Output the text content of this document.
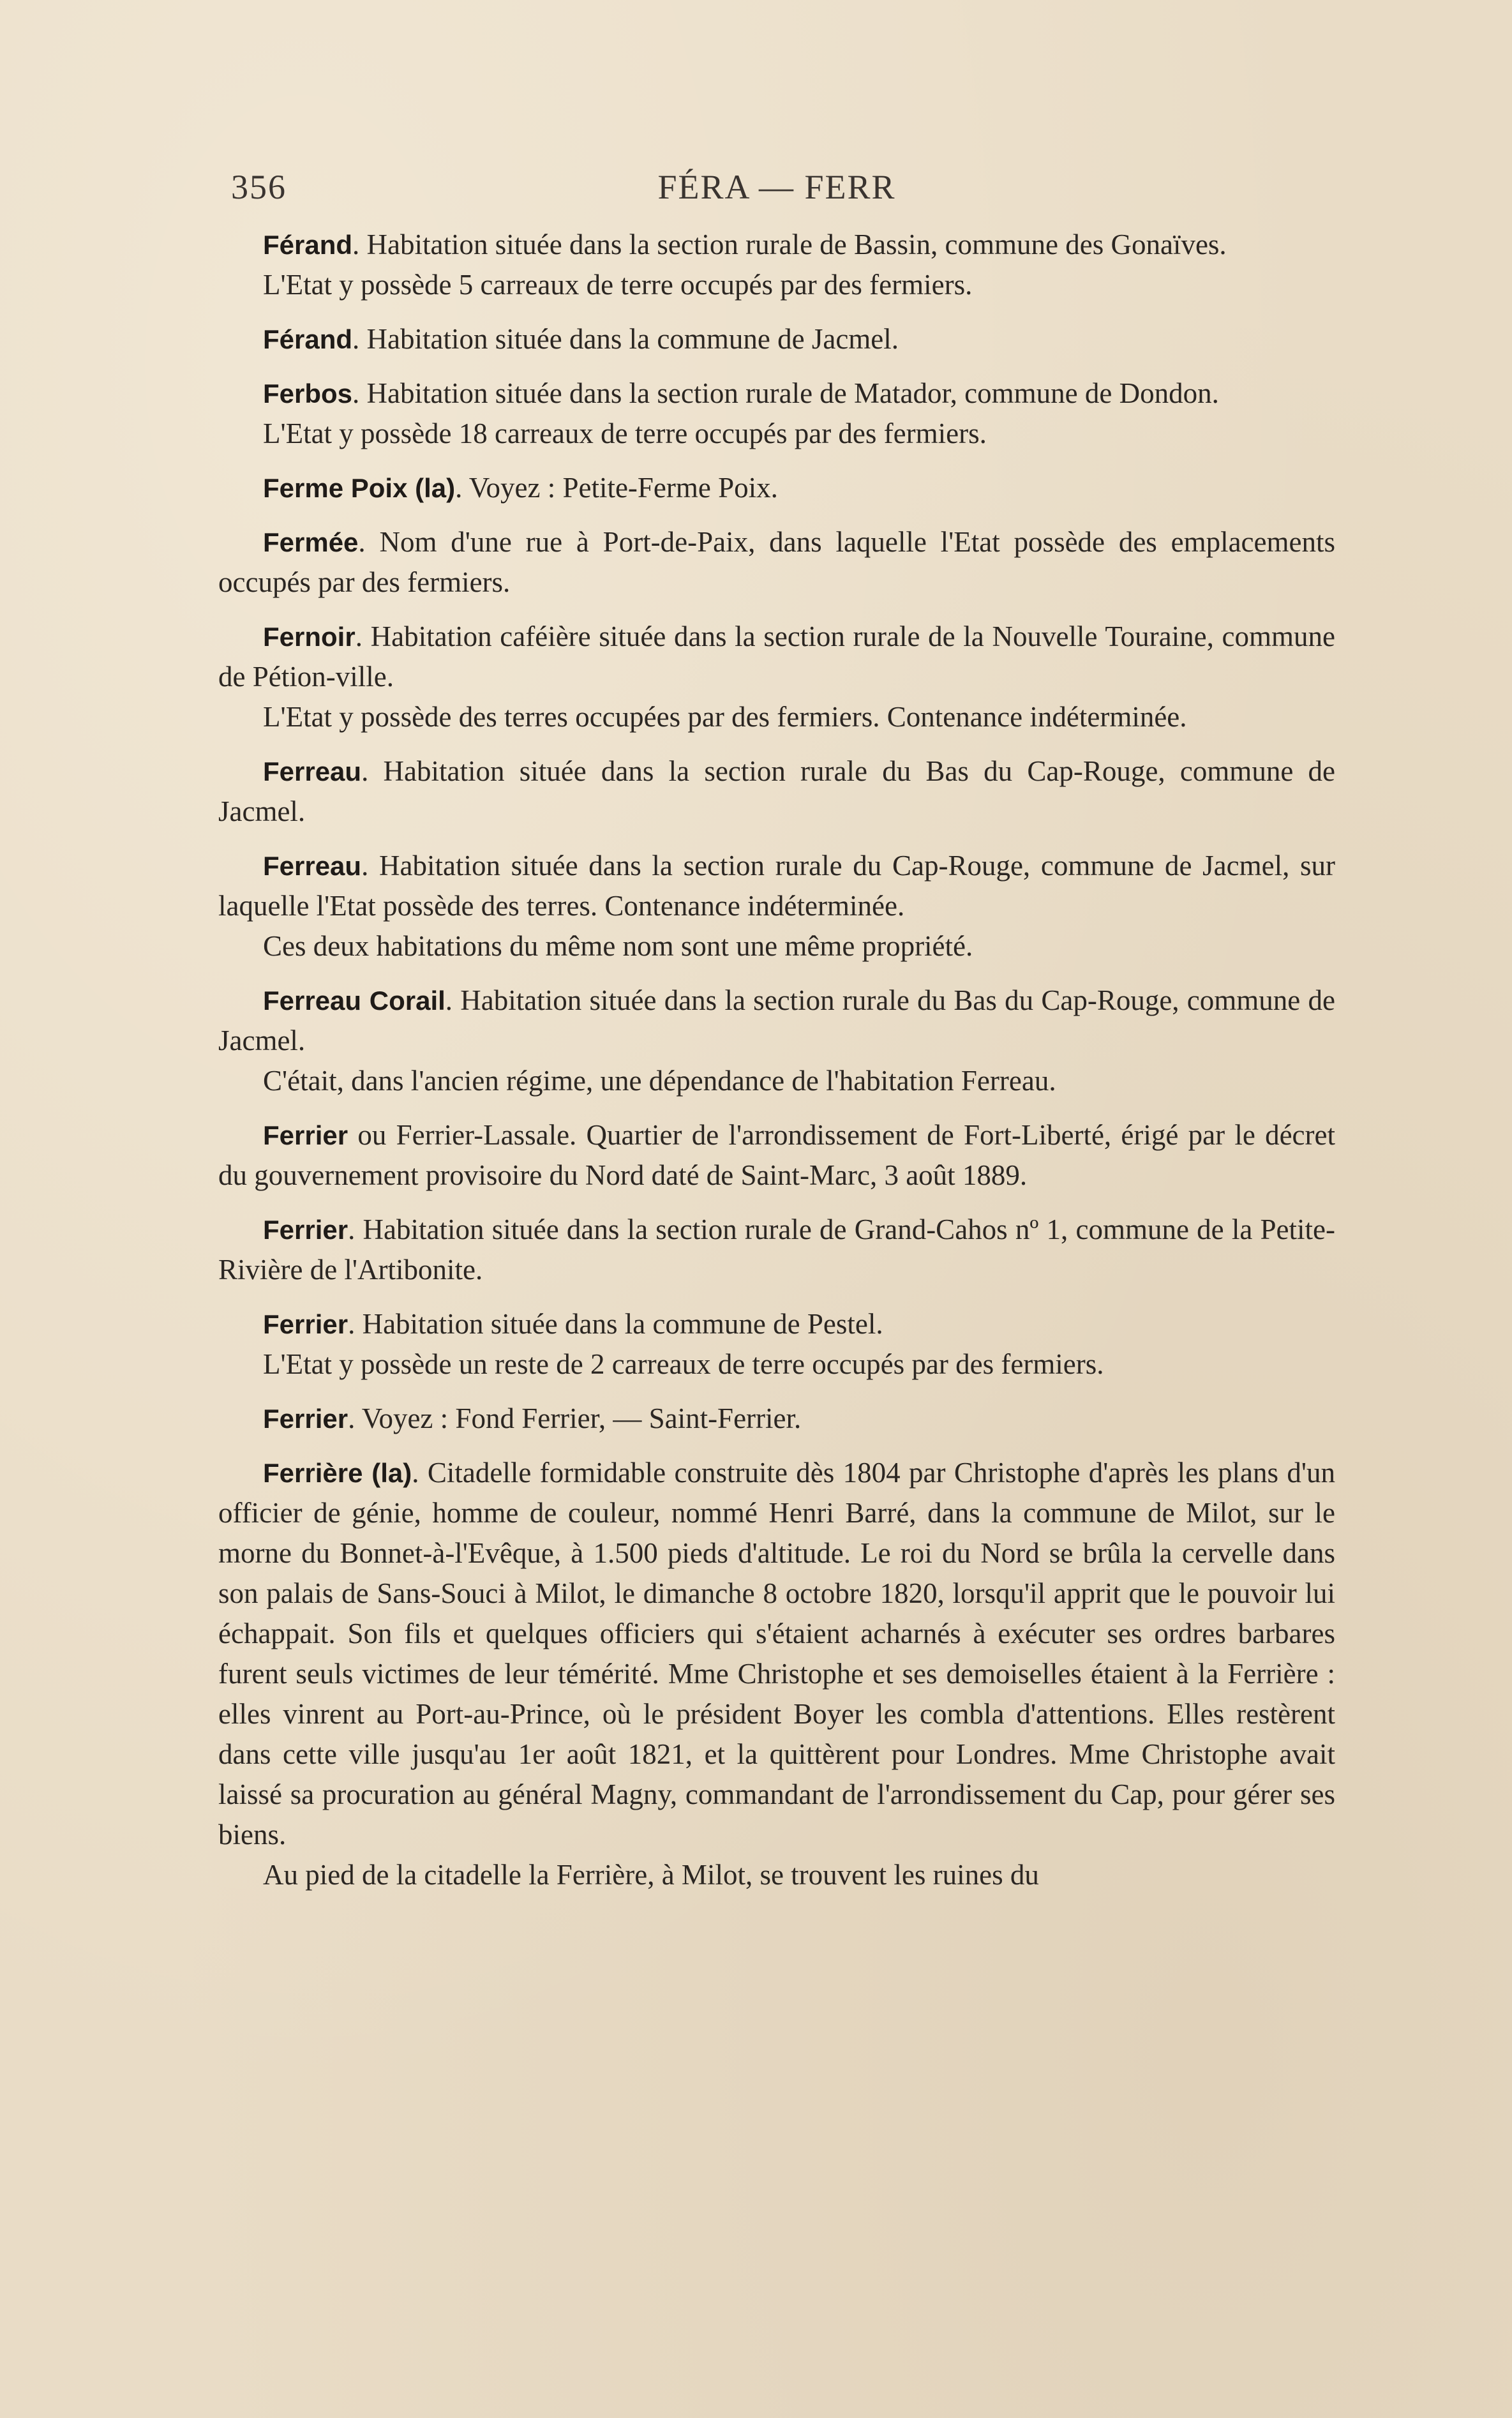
356	FÉRA — FERR

Férand. Habitation située dans la section rurale de Bassin, commune des Gonaïves.

L'Etat y possède 5 carreaux de terre occupés par des fermiers.

Férand. Habitation située dans la commune de Jacmel.

Ferbos. Habitation située dans la section rurale de Matador, commune de Dondon.

L'Etat y possède 18 carreaux de terre occupés par des fermiers.

Ferme Poix (la). Voyez : Petite-Ferme Poix.

Fermée. Nom d'une rue à Port-de-Paix, dans laquelle l'Etat possède des emplacements occupés par des fermiers.

Fernoir. Habitation caféière située dans la section rurale de la Nouvelle Touraine, commune de Pétion-ville.

L'Etat y possède des terres occupées par des fermiers. Contenance indéterminée.

Ferreau. Habitation située dans la section rurale du Bas du Cap-Rouge, commune de Jacmel.

Ferreau. Habitation située dans la section rurale du Cap-Rouge, commune de Jacmel, sur laquelle l'Etat possède des terres. Contenance indéterminée.

Ces deux habitations du même nom sont une même propriété.

Ferreau Corail. Habitation située dans la section rurale du Bas du Cap-Rouge, commune de Jacmel.

C'était, dans l'ancien régime, une dépendance de l'habitation Ferreau.

Ferrier ou Ferrier-Lassale. Quartier de l'arrondissement de Fort-Liberté, érigé par le décret du gouvernement provisoire du Nord daté de Saint-Marc, 3 août 1889.

Ferrier. Habitation située dans la section rurale de Grand-Cahos nº 1, commune de la Petite-Rivière de l'Artibonite.

Ferrier. Habitation située dans la commune de Pestel.

L'Etat y possède un reste de 2 carreaux de terre occupés par des fermiers.

Ferrier. Voyez : Fond Ferrier, — Saint-Ferrier.

Ferrière (la). Citadelle formidable construite dès 1804 par Christophe d'après les plans d'un officier de génie, homme de couleur, nommé Henri Barré, dans la commune de Milot, sur le morne du Bonnet-à-l'Evêque, à 1.500 pieds d'altitude. Le roi du Nord se brûla la cervelle dans son palais de Sans-Souci à Milot, le dimanche 8 octobre 1820, lorsqu'il apprit que le pouvoir lui échappait. Son fils et quelques officiers qui s'étaient acharnés à exécuter ses ordres barbares furent seuls victimes de leur témérité. Mme Christophe et ses demoiselles étaient à la Ferrière : elles vinrent au Port-au-Prince, où le président Boyer les combla d'attentions. Elles restèrent dans cette ville jusqu'au 1er août 1821, et la quittèrent pour Londres. Mme Christophe avait laissé sa procuration au général Magny, commandant de l'arrondissement du Cap, pour gérer ses biens.

Au pied de la citadelle la Ferrière, à Milot, se trouvent les ruines du
